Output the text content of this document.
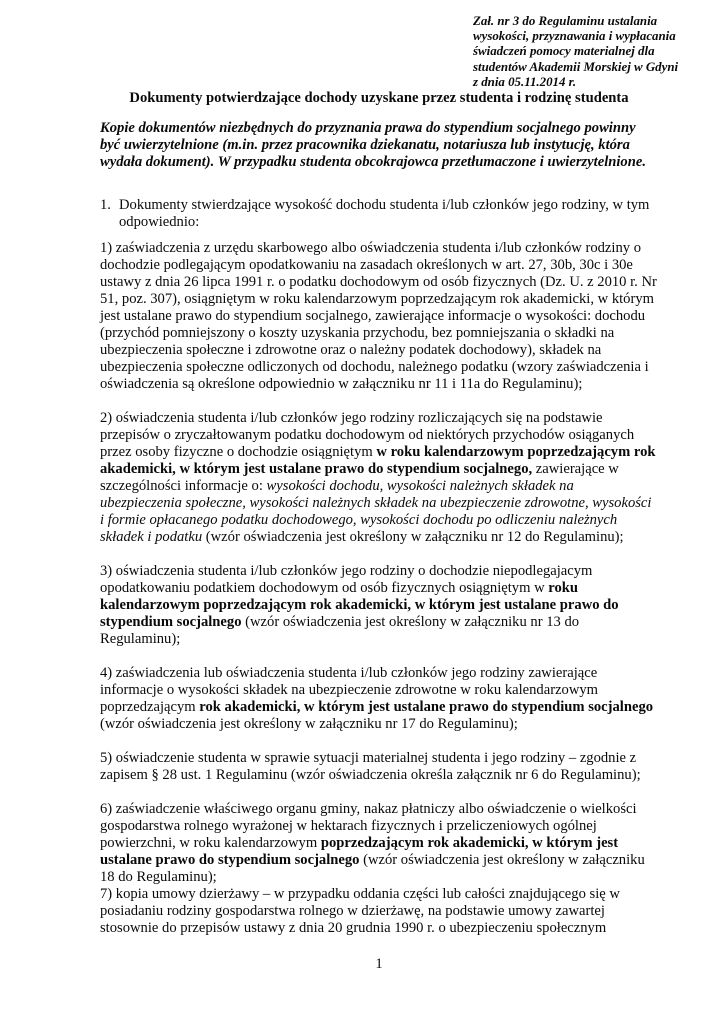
Zał. nr 3 do Regulaminu ustalania
wysokości, przyznawania i wypłacania
świadczeń pomocy materialnej dla
studentów Akademii Morskiej w Gdyni
z dnia 05.11.2014 r.
Dokumenty potwierdzające dochody uzyskane przez studenta i rodzinę studenta

Kopie dokumentów niezbędnych do przyznania prawa do stypendium socjalnego powinny być uwierzytelnione (m.in. przez pracownika dziekanatu, notariusza lub instytucję, która wydała dokument). W przypadku studenta obcokrajowca przetłumaczone i uwierzytelnione.

1. Dokumenty stwierdzające wysokość dochodu studenta i/lub członków jego rodziny, w tym odpowiednio:

1) zaświadczenia z urzędu skarbowego albo oświadczenia studenta i/lub członków rodziny o dochodzie podlegającym opodatkowaniu na zasadach określonych w art. 27, 30b, 30c i 30e ustawy z dnia 26 lipca 1991 r. o podatku dochodowym od osób fizycznych (Dz. U. z 2010 r. Nr 51, poz. 307), osiągniętym w roku kalendarzowym poprzedzającym rok akademicki, w którym jest ustalane prawo do stypendium socjalnego, zawierające informacje o wysokości: dochodu (przychód pomniejszony o koszty uzyskania przychodu, bez pomniejszania o składki na ubezpieczenia społeczne i zdrowotne oraz o należny podatek dochodowy), składek na ubezpieczenia społeczne odliczonych od dochodu, należnego podatku (wzory zaświadczenia i oświadczenia są określone odpowiednio w załączniku nr 11 i 11a do Regulaminu);

2) oświadczenia studenta i/lub członków jego rodziny rozliczających się na podstawie przepisów o zryczałtowanym podatku dochodowym od niektórych przychodów osiąganych przez osoby fizyczne o dochodzie osiągniętym w roku kalendarzowym poprzedzającym rok akademicki, w którym jest ustalane prawo do stypendium socjalnego, zawierające w szczególności informacje o: wysokości dochodu, wysokości należnych składek na ubezpieczenia społeczne, wysokości należnych składek na ubezpieczenie zdrowotne, wysokości i formie opłacanego podatku dochodowego, wysokości dochodu po odliczeniu należnych składek i podatku (wzór oświadczenia jest określony w załączniku nr 12 do Regulaminu);

3) oświadczenia studenta i/lub członków jego rodziny o dochodzie niepodlegajacym opodatkowaniu podatkiem dochodowym od osób fizycznych osiągniętym w roku kalendarzowym poprzedzającym rok akademicki, w którym jest ustalane prawo do stypendium socjalnego (wzór oświadczenia jest określony w załączniku nr 13 do Regulaminu);

4) zaświadczenia lub oświadczenia studenta i/lub członków jego rodziny zawierające informacje o wysokości składek na ubezpieczenie zdrowotne w roku kalendarzowym poprzedzającym rok akademicki, w którym jest ustalane prawo do stypendium socjalnego (wzór oświadczenia jest określony w załączniku nr 17 do Regulaminu);

5) oświadczenie studenta w sprawie sytuacji materialnej studenta i jego rodziny – zgodnie z zapisem § 28 ust. 1 Regulaminu (wzór oświadczenia określa załącznik nr 6 do Regulaminu);

6) zaświadczenie właściwego organu gminy, nakaz płatniczy albo oświadczenie o wielkości gospodarstwa rolnego wyrażonej w hektarach fizycznych i przeliczeniowych ogólnej powierzchni, w roku kalendarzowym poprzedzającym rok akademicki, w którym jest ustalane prawo do stypendium socjalnego (wzór oświadczenia jest określony w załączniku 18 do Regulaminu);

7) kopia umowy dzierżawy – w przypadku oddania części lub całości znajdującego się w posiadaniu rodziny gospodarstwa rolnego w dzierżawę, na podstawie umowy zawartej stosownie do przepisów ustawy z dnia 20 grudnia 1990 r. o ubezpieczeniu społecznym

1
